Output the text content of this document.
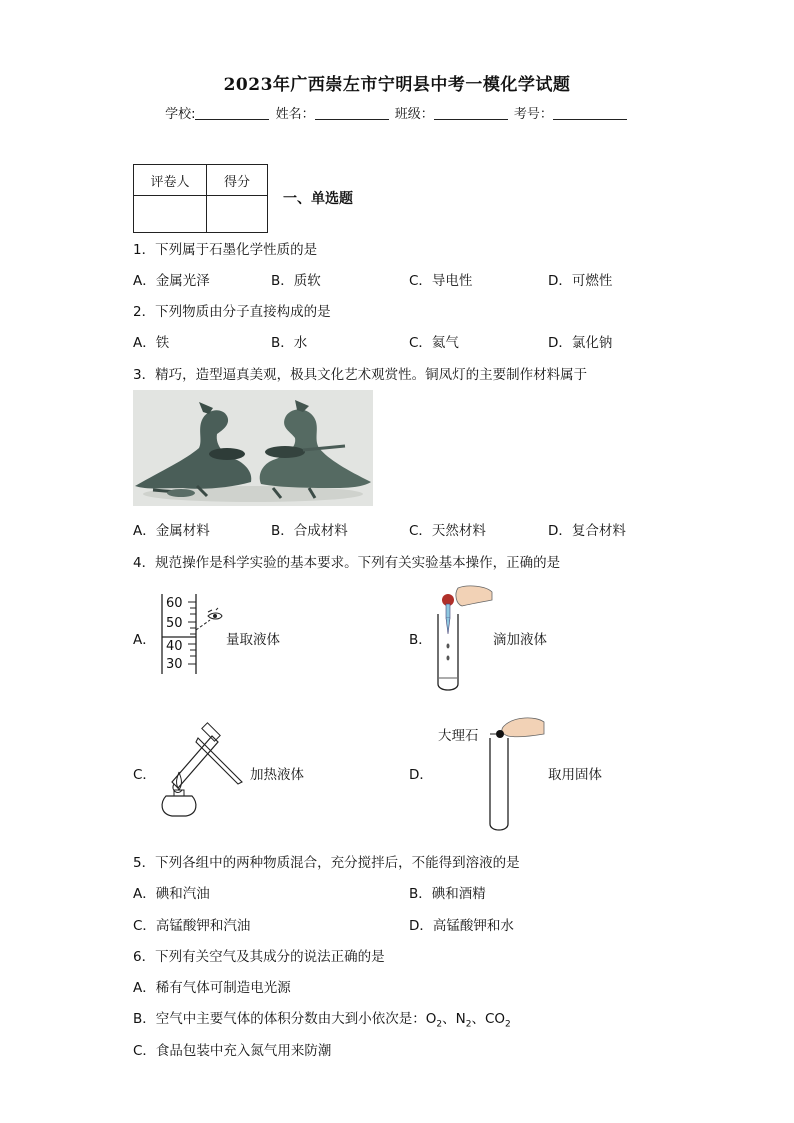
2023年广西崇左市宁明县中考一模化学试题
学校:	姓名：	班级：	考号：
评卷人	得分

一、单选题
1．下列属于石墨化学性质的是
A．金属光泽	B．质软	C．导电性	D．可燃性
2．下列物质由分子直接构成的是
A．铁	B．水	C．氦气	D．氯化钠
3．精巧，造型逼真美观，极具文化艺术观赏性。铜凤灯的主要制作材料属于
A．金属材料	B．合成材料	C．天然材料	D．复合材料
4．规范操作是科学实验的基本要求。下列有关实验基本操作，正确的是
A．
60
50
40
30
量取液体	B．	滴加液体
C．	加热液体	D．
大理石
取用固体
5．下列各组中的两种物质混合，充分搅拌后，不能得到溶液的是
A．碘和汽油	B．碘和酒精
C．高锰酸钾和汽油	D．高锰酸钾和水
6．下列有关空气及其成分的说法正确的是
A．稀有气体可制造电光源
B．空气中主要气体的体积分数由大到小依次是：$O_2$、$N_2$、$CO_2$
C．食品包装中充入氮气用来防潮
